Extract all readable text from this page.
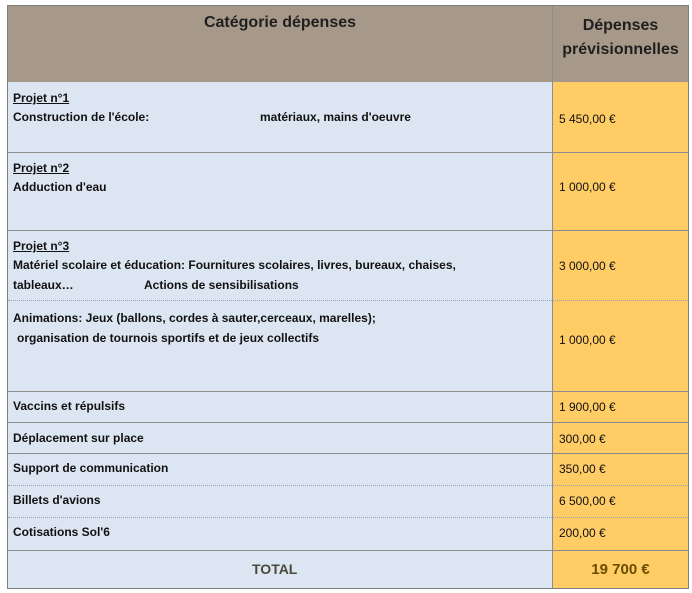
Catégorie dépenses	Dépenses
prévisionnelles
Projet n°1
Construction de l'école:	matériaux, mains d'oeuvre	5 450,00 €
Projet n°2
Adduction d'eau	1 000,00 €
Projet n°3
Matériel scolaire et éducation: Fournitures scolaires, livres, bureaux, chaises,
tableaux…	Actions de sensibilisations
3 000,00 €
Animations: Jeux (ballons, cordes à sauter,cerceaux, marelles);
organisation de tournois sportifs et de jeux collectifs	1 000,00 €
Vaccins et répulsifs	1 900,00 €
Déplacement sur place	300,00 €
Support de communication	350,00 €
Billets d'avions	6 500,00 €
Cotisations Sol'6	200,00 €
TOTAL	19 700 €
